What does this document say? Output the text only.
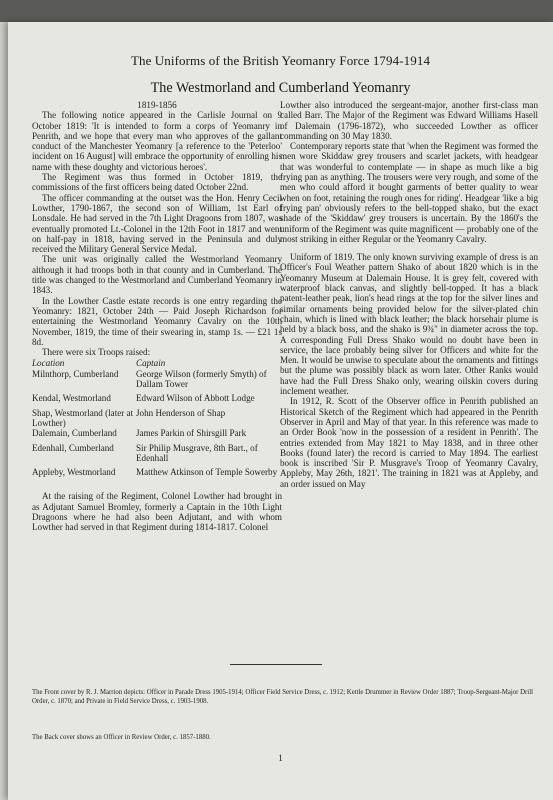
The Uniforms of the British Yeomanry Force 1794-1914
The Westmorland and Cumberland Yeomanry

1819-1856

The following notice appeared in the Carlisle Journal on 9 October 1819: 'It is intended to form a corps of Yeomanry in Penrith, and we hope that every man who approves of the gallant conduct of the Manchester Yeomanry [a reference to the 'Peterloo' incident on 16 August] will embrace the opportunity of enrolling his name with these doughty and victorious heroes'.

The Regiment was thus formed in October 1819, the commissions of the first officers being dated October 22nd.

The officer commanding at the outset was the Hon. Henry Cecil Lowther, 1790-1867, the second son of William, 1st Earl of Lonsdale. He had served in the 7th Light Dragoons from 1807, was eventually promoted Lt.-Colonel in the 12th Foot in 1817 and went on half-pay in 1818, having served in the Peninsula and duly received the Military General Service Medal.

The unit was originally called the Westmorland Yeomanry although it had troops both in that county and in Cumberland. The title was changed to the Westmorland and Cumberland Yeomanry in 1843.

In the Lowther Castle estate records is one entry regarding the Yeomanry: 1821, October 24th — Paid Joseph Richardson for entertaining the Westmorland Yeomanry Cavalry on the 10th November, 1819, the time of their swearing in, stamp 1s. — £21 1s 8d.

There were six Troops raised:

Location	Captain
Milnthorp, Cumberland	George Wilson (formerly Smyth) of Dallam Tower
Kendal, Westmorland	Edward Wilson of Abbott Lodge
Shap, Westmorland (later at Lowther)	John Henderson of Shap
Dalemain, Cumberland	James Parkin of Shirsgill Park
Edenhall, Cumberland	Sir Philip Musgrave, 8th Bart., of Edenhall
Appleby, Westmorland	Matthew Atkinson of Temple Sowerby

At the raising of the Regiment, Colonel Lowther had brought in as Adjutant Samuel Bromley, formerly a Captain in the 10th Light Dragoons where he had also been Adjutant, and with whom Lowther had served in that Regiment during 1814-1817. Colonel

Lowther also introduced the sergeant-major, another first-class man called Barr. The Major of the Regiment was Edward Williams Hasell of Dalemain (1796-1872), who succeeded Lowther as officer commanding on 30 May 1830.

Contemporary reports state that 'when the Regiment was formed the men wore Skiddaw grey trousers and scarlet jackets, with headgear that was wonderful to contemplate — in shape as much like a big frying pan as anything. The trousers were very rough, and some of the men who could afford it bought garments of better quality to wear when on foot, retaining the rough ones for riding'. Headgear 'like a big frying pan' obviously refers to the bell-topped shako, but the exact shade of the 'Skiddaw' grey trousers is uncertain. By the 1860's the uniform of the Regiment was quite magnificent — probably one of the most striking in either Regular or the Yeomanry Cavalry.

Uniform of 1819. The only known surviving example of dress is an Officer's Foul Weather pattern Shako of about 1820 which is in the Yeomanry Museum at Dalemain House. It is grey felt, covered with waterproof black canvas, and slightly bell-topped. It has a black patent-leather peak, lion's head rings at the top for the silver lines and similar ornaments being provided below for the silver-plated chin chain, which is lined with black leather; the black horsehair plume is held by a black boss, and the shako is 9¾" in diameter across the top. A corresponding Full Dress Shako would no doubt have been in service, the lace probably being silver for Officers and white for the Men. It would be unwise to speculate about the ornaments and fittings but the plume was possibly black as worn later. Other Ranks would have had the Full Dress Shako only, wearing oilskin covers during inclement weather.

In 1912, R. Scott of the Observer office in Penrith published an Historical Sketch of the Regiment which had appeared in the Penrith Observer in April and May of that year. In this reference was made to an Order Book 'now in the possession of a resident in Penrith'. The entries extended from May 1821 to May 1838, and in three other Books (found later) the record is carried to May 1894. The earliest book is inscribed 'Sir P. Musgrave's Troop of Yeomanry Cavalry, Appleby, May 26th, 1821'. The training in 1821 was at Appleby, and an order issued on May

The Front cover by R. J. Marrion depicts: Officer in Parade Dress 1905-1914; Officer Field Service Dress, c. 1912; Kettle Drummer in Review Order 1887; Troop-Sergeant-Major Drill Order, c. 1870; and Private in Field Service Dress, c. 1903-1908.
The Back cover shows an Officer in Review Order, c. 1857-1880.
1
